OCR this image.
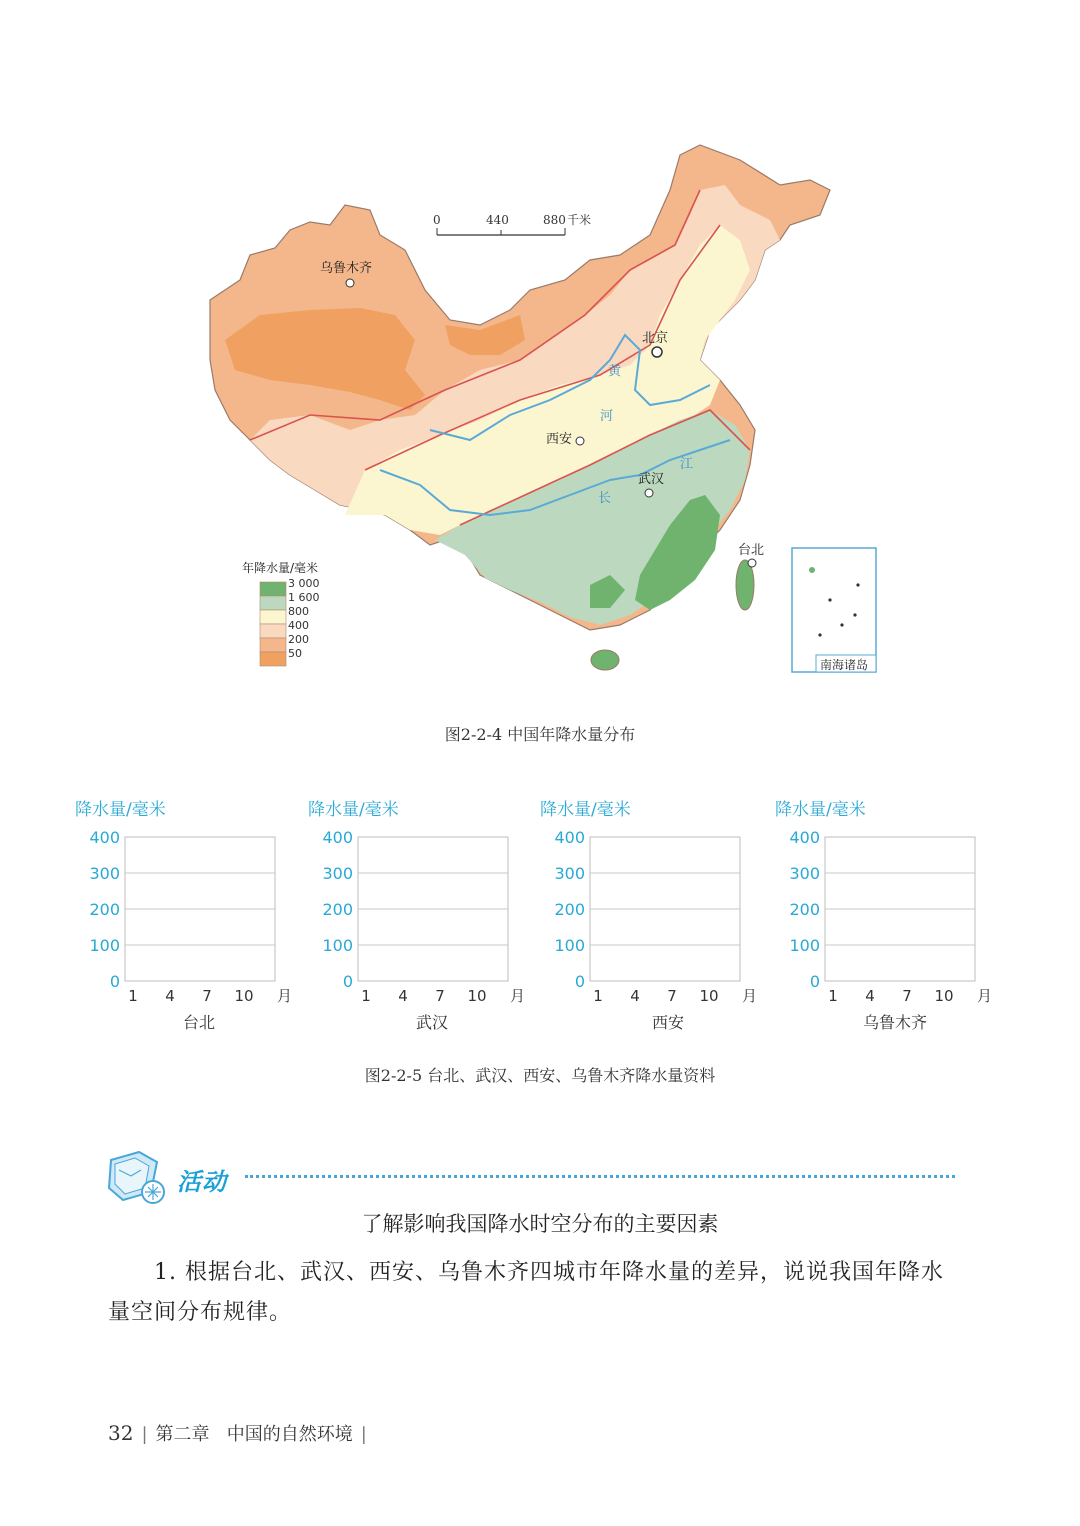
0	440	880 千米
乌鲁木齐
北京
西安
武汉
台北
黄
河
长
江
南海诸岛
年降水量/毫米
3 000
1 600
800
400
200
50
图2-2-4 中国年降水量分布
降水量/毫米
400
300
200
100
0
1 4 7 10 月
台北
降水量/毫米
400
300
200
100
0
1 4 7 10 月
武汉
降水量/毫米
400
300
200
100
0
1 4 7 10 月
西安
降水量/毫米
400
300
200
100
0
1 4 7 10 月
乌鲁木齐
图2-2-5 台北、武汉、西安、乌鲁木齐降水量资料
活动
了解影响我国降水时空分布的主要因素
1. 根据台北、武汉、西安、乌鲁木齐四城市年降水量的差异，说说我国年降水量空间分布规律。
32 | 第二章 中国的自然环境 |
